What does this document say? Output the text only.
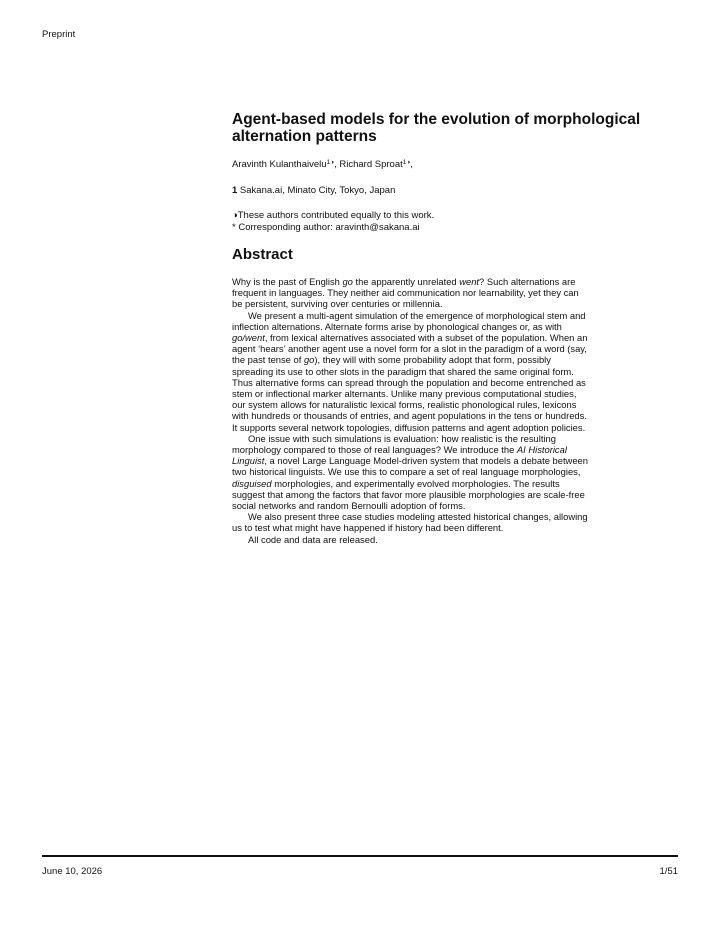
Preprint
Agent-based models for the evolution of morphological
alternation patterns

Aravinth Kulanthaivelu$^{1◑}$, Richard Sproat$^{1◑}$,

1 Sakana.ai, Minato City, Tokyo, Japan

◑These authors contributed equally to this work.

* Corresponding author: aravinth@sakana.ai

Abstract

Why is the past of English go the apparently unrelated went? Such alternations are

frequent in languages. They neither aid communication nor learnability, yet they can

be persistent, surviving over centuries or millennia.

We present a multi-agent simulation of the emergence of morphological stem and

inflection alternations. Alternate forms arise by phonological changes or, as with

go/went, from lexical alternatives associated with a subset of the population. When an

agent ‘hears’ another agent use a novel form for a slot in the paradigm of a word (say,

the past tense of go), they will with some probability adopt that form, possibly

spreading its use to other slots in the paradigm that shared the same original form.

Thus alternative forms can spread through the population and become entrenched as

stem or inflectional marker alternants. Unlike many previous computational studies,

our system allows for naturalistic lexical forms, realistic phonological rules, lexicons

with hundreds or thousands of entries, and agent populations in the tens or hundreds.

It supports several network topologies, diffusion patterns and agent adoption policies.

One issue with such simulations is evaluation: how realistic is the resulting

morphology compared to those of real languages? We introduce the AI Historical

Linguist, a novel Large Language Model-driven system that models a debate between

two historical linguists. We use this to compare a set of real language morphologies,

disguised morphologies, and experimentally evolved morphologies. The results

suggest that among the factors that favor more plausible morphologies are scale-free

social networks and random Bernoulli adoption of forms.

We also present three case studies modeling attested historical changes, allowing

us to test what might have happened if history had been different.

All code and data are released.

June 10, 2026	1/51
